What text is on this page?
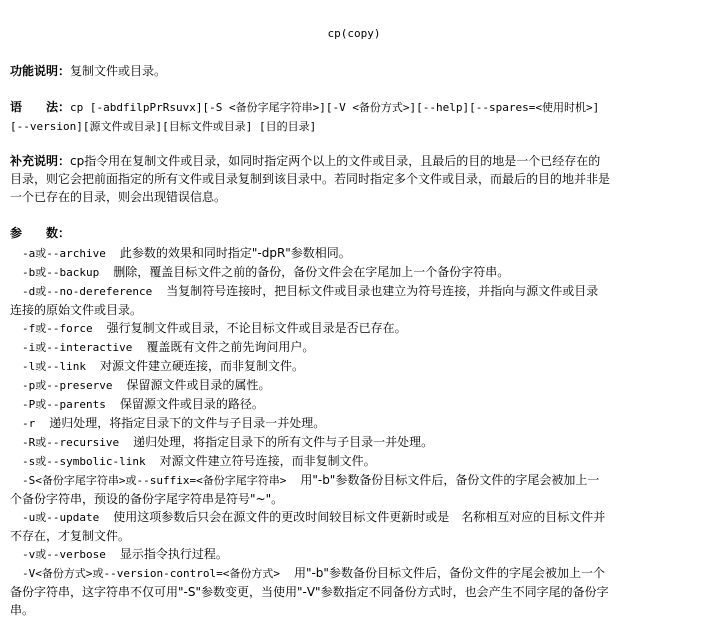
cp(copy)
功能说明：复制文件或目录。
语　　法：cp [-abdfilpPrRsuvx][-S <备份字尾字符串>][-V <备份方式>][--help][--spares=<使用时机>][--version][源文件或目录][目标文件或目录] [目的目录]
补充说明：cp指令用在复制文件或目录，如同时指定两个以上的文件或目录，且最后的目的地是一个已经存在的目录，则它会把前面指定的所有文件或目录复制到该目录中。若同时指定多个文件或目录，而最后的目的地并非是一个已存在的目录，则会出现错误信息。
参　　数：
-a或--archive 此参数的效果和同时指定"-dpR"参数相同。
-b或--backup 删除，覆盖目标文件之前的备份，备份文件会在字尾加上一个备份字符串。
-d或--no-dereference 当复制符号连接时，把目标文件或目录也建立为符号连接，并指向与源文件或目录连接的原始文件或目录。
-f或--force 强行复制文件或目录，不论目标文件或目录是否已存在。
-i或--interactive 覆盖既有文件之前先询问用户。
-l或--link 对源文件建立硬连接，而非复制文件。
-p或--preserve 保留源文件或目录的属性。
-P或--parents 保留源文件或目录的路径。
-r 递归处理，将指定目录下的文件与子目录一并处理。
-R或--recursive 递归处理，将指定目录下的所有文件与子目录一并处理。
-s或--symbolic-link 对源文件建立符号连接，而非复制文件。
-S<备份字尾字符串>或--suffix=<备份字尾字符串> 用"-b"参数备份目标文件后，备份文件的字尾会被加上一个备份字符串，预设的备份字尾字符串是符号"~"。
-u或--update 使用这项参数后只会在源文件的更改时间较目标文件更新时或是　名称相互对应的目标文件并不存在，才复制文件。
-v或--verbose 显示指令执行过程。
-V<备份方式>或--version-control=<备份方式> 用"-b"参数备份目标文件后，备份文件的字尾会被加上一个备份字符串，这字符串不仅可用"-S"参数变更，当使用"-V"参数指定不同备份方式时，也会产生不同字尾的备份字串。
